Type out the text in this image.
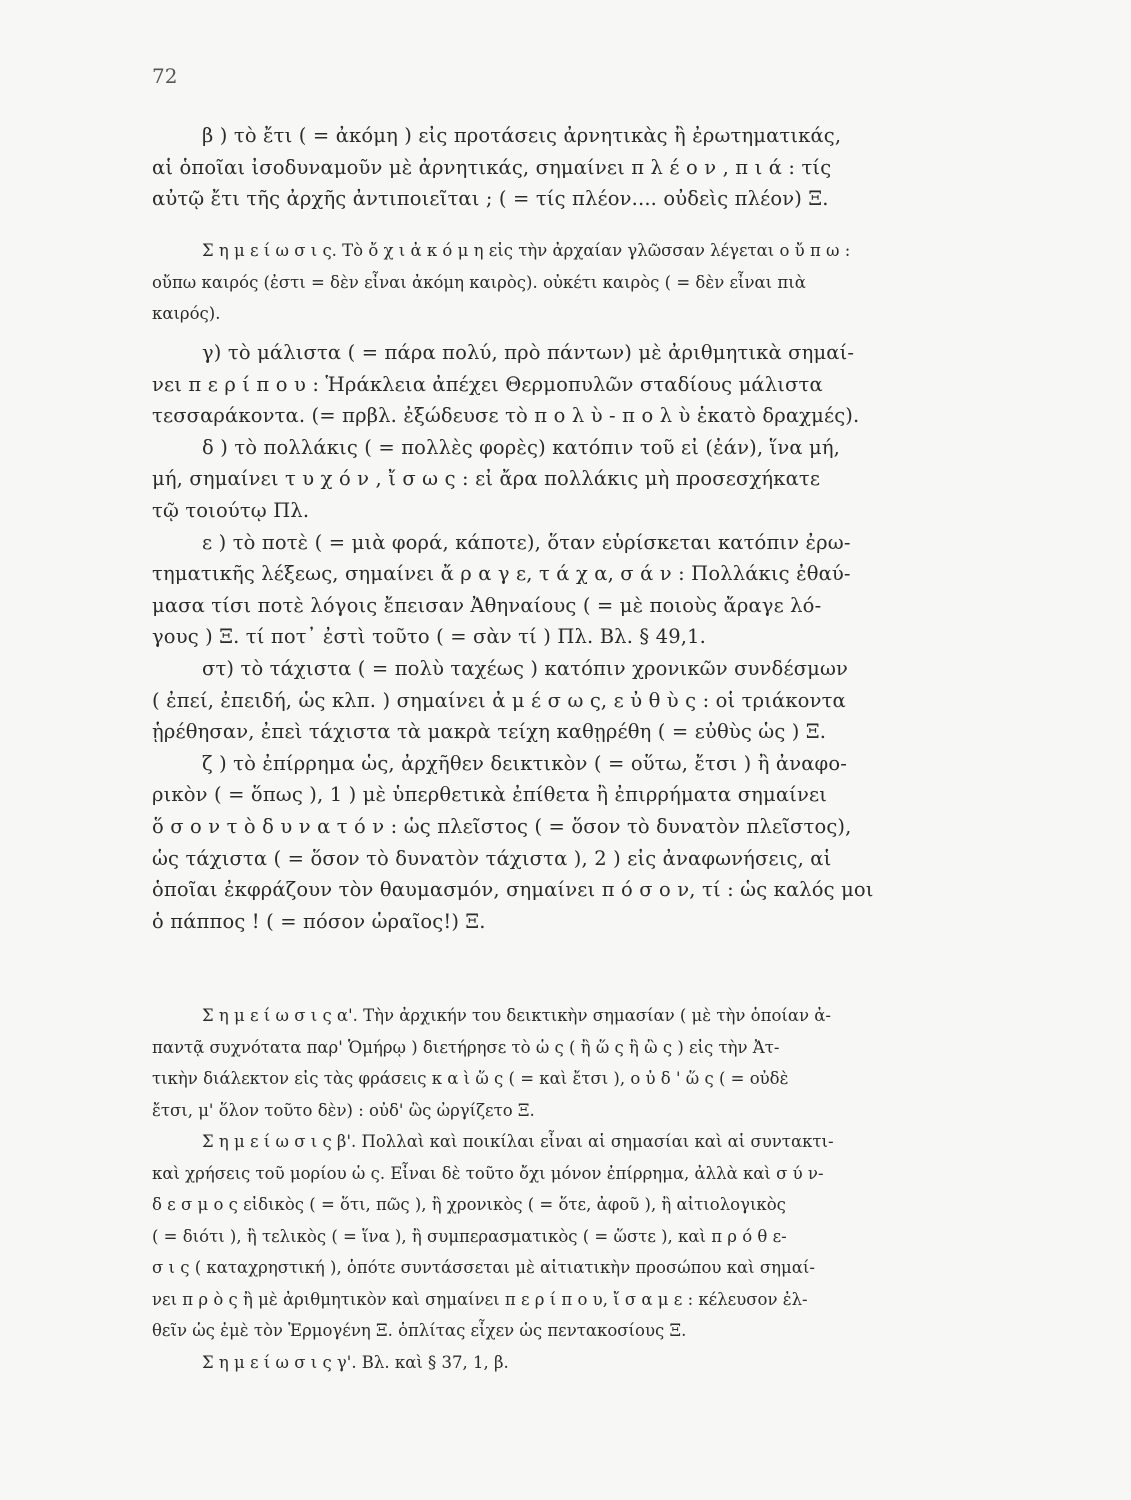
72
β ) τὸ ἔτι ( = ἀκόμη ) εἰς προτάσεις ἀρνητικὰς ἢ ἐρωτηματικάς,
αἱ ὁποῖαι ἰσοδυναμοῦν μὲ ἀρνητικάς, σημαίνει π λ έ ο ν , π ι ά : τίς
αὐτῷ ἔτι τῆς ἀρχῆς ἀντιποιεῖται ; ( = τίς πλέον.... οὐδεὶς πλέον) Ξ.
Σ η μ ε ί ω σ ι ς. Τὸ ὄ χ ι ἀ κ ό μ η εἰς τὴν ἀρχαίαν γλῶσσαν λέγεται ο ὔ π ω :
οὔπω καιρός (ἐστι = δὲν εἶναι ἀκόμη καιρὸς). οὐκέτι καιρὸς ( = δὲν εἶναι πιὰ
καιρός).
γ) τὸ μάλιστα ( = πάρα πολύ, πρὸ πάντων) μὲ ἀριθμητικὰ σημαί-
νει π ε ρ ί π ο υ : Ἡράκλεια ἀπέχει Θερμοπυλῶν σταδίους μάλιστα
τεσσαράκοντα. (= πρβλ. ἐξώδευσε τὸ π ο λ ὺ - π ο λ ὺ ἑκατὸ δραχμές).
δ ) τὸ πολλάκις ( = πολλὲς φορὲς) κατόπιν τοῦ εἰ (ἐάν), ἵνα μή,
μή, σημαίνει τ υ χ ό ν , ἴ σ ω ς : εἰ ἄρα πολλάκις μὴ προσεσχήκατε
τῷ τοιούτῳ Πλ.
ε ) τὸ ποτὲ ( = μιὰ φορά, κάποτε), ὅταν εὑρίσκεται κατόπιν ἐρω-
τηματικῆς λέξεως, σημαίνει ἄ ρ α γ ε, τ ά χ α, σ ά ν : Πολλάκις ἐθαύ-
μασα τίσι ποτὲ λόγοις ἔπεισαν Ἀθηναίους ( = μὲ ποιοὺς ἄραγε λό-
γους ) Ξ. τί ποτ᾽ ἐστὶ τοῦτο ( = σὰν τί ) Πλ. Βλ. § 49,1.
στ) τὸ τάχιστα ( = πολὺ ταχέως ) κατόπιν χρονικῶν συνδέσμων
( ἐπεί, ἐπειδή, ὡς κλπ. ) σημαίνει ἀ μ έ σ ω ς, ε ὐ θ ὺ ς : οἱ τριάκοντα
ᾑρέθησαν, ἐπεὶ τάχιστα τὰ μακρὰ τείχη καθῃρέθη ( = εὐθὺς ὡς ) Ξ.
ζ ) τὸ ἐπίρρημα ὡς, ἀρχῆθεν δεικτικὸν ( = οὕτω, ἔτσι ) ἢ ἀναφο-
ρικὸν ( = ὅπως ), 1 ) μὲ ὑπερθετικὰ ἐπίθετα ἢ ἐπιρρήματα σημαίνει
ὅ σ ο ν τ ὸ δ υ ν α τ ό ν : ὡς πλεῖστος ( = ὅσον τὸ δυνατὸν πλεῖστος),
ὡς τάχιστα ( = ὅσον τὸ δυνατὸν τάχιστα ), 2 ) εἰς ἀναφωνήσεις, αἱ
ὁποῖαι ἐκφράζουν τὸν θαυμασμόν, σημαίνει π ό σ ο ν, τί : ὡς καλός μοι
ὁ πάππος ! ( = πόσον ὡραῖος!) Ξ.
Σ η μ ε ί ω σ ι ς α'. Τὴν ἀρχικήν του δεικτικὴν σημασίαν ( μὲ τὴν ὁποίαν ἀ-
παντᾷ συχνότατα παρ' Ὁμήρῳ ) διετήρησε τὸ ὡ ς ( ἢ ὥ ς ἢ ὣ ς ) εἰς τὴν Ἀτ-
τικὴν διάλεκτον εἰς τὰς φράσεις κ α ὶ ὥ ς ( = καὶ ἔτσι ), ο ὐ δ ' ὥ ς ( = οὐδὲ
ἔτσι, μ' ὅλον τοῦτο δὲν) : οὐδ' ὣς ὠργίζετο Ξ.
Σ η μ ε ί ω σ ι ς β'. Πολλαὶ καὶ ποικίλαι εἶναι αἱ σημασίαι καὶ αἱ συντακτι-
καὶ χρήσεις τοῦ μορίου ὡ ς. Εἶναι δὲ τοῦτο ὄχι μόνον ἐπίρρημα, ἀλλὰ καὶ σ ύ ν-
δ ε σ μ ο ς εἰδικὸς ( = ὅτι, πῶς ), ἢ χρονικὸς ( = ὅτε, ἀφοῦ ), ἢ αἰτιολογικὸς
( = διότι ), ἢ τελικὸς ( = ἵνα ), ἢ συμπερασματικὸς ( = ὥστε ), καὶ π ρ ό θ ε-
σ ι ς ( καταχρηστική ), ὁπότε συντάσσεται μὲ αἰτιατικὴν προσώπου καὶ σημαί-
νει π ρ ὸ ς ἢ μὲ ἀριθμητικὸν καὶ σημαίνει π ε ρ ί π ο υ, ἴ σ α μ ε : κέλευσον ἐλ-
θεῖν ὡς ἐμὲ τὸν Ἑρμογένη Ξ. ὁπλίτας εἶχεν ὡς πεντακοσίους Ξ.
Σ η μ ε ί ω σ ι ς γ'. Βλ. καὶ § 37, 1, β.
